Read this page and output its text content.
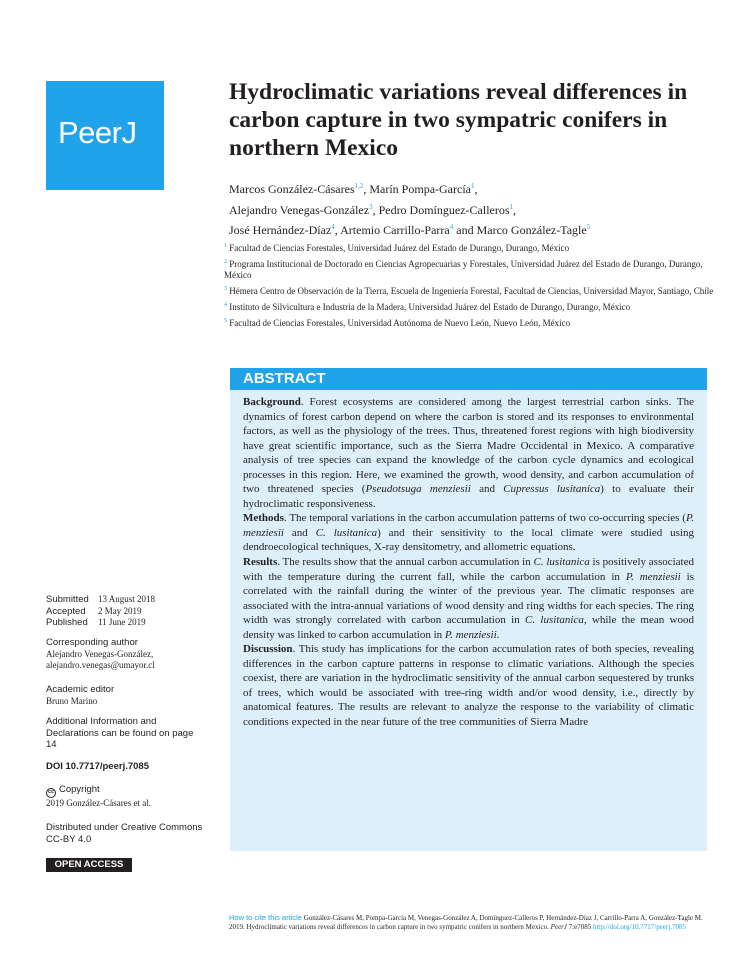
PeerJ
Hydroclimatic variations reveal differences in carbon capture in two sympatric conifers in northern Mexico
Marcos González-Cásares$^{1,2}$, Marín Pompa-García$^1$,
Alejandro Venegas-González$^3$, Pedro Domínguez-Calleros$^1$,
José Hernández-Díaz$^4$, Artemio Carrillo-Parra$^4$ and Marco González-Tagle$^5$
$^1$ Facultad de Ciencias Forestales, Universidad Juárez del Estado de Durango, Durango, México
$^2$ Programa Institucional de Doctorado en Ciencias Agropecuarias y Forestales, Universidad Juárez del Estado de Durango, Durango, México
$^3$ Hémera Centro de Observación de la Tierra, Escuela de Ingeniería Forestal, Facultad de Ciencias, Universidad Mayor, Santiago, Chile
$^4$ Instituto de Silvicultura e Industria de la Madera, Universidad Juárez del Estado de Durango, Durango, México
$^5$ Facultad de Ciencias Forestales, Universidad Autónoma de Nuevo León, Nuevo León, México
ABSTRACT

Background. Forest ecosystems are considered among the largest terrestrial carbon sinks. The dynamics of forest carbon depend on where the carbon is stored and its responses to environmental factors, as well as the physiology of the trees. Thus, threatened forest regions with high biodiversity have great scientific importance, such as the Sierra Madre Occidental in Mexico. A comparative analysis of tree species can expand the knowledge of the carbon cycle dynamics and ecological processes in this region. Here, we examined the growth, wood density, and carbon accumulation of two threatened species (Pseudotsuga menziesii and Cupressus lusitanica) to evaluate their hydroclimatic responsiveness.

Methods. The temporal variations in the carbon accumulation patterns of two co-occurring species (P. menziesii and C. lusitanica) and their sensitivity to the local climate were studied using dendroecological techniques, X-ray densitometry, and allometric equations.

Results. The results show that the annual carbon accumulation in C. lusitanica is positively associated with the temperature during the current fall, while the carbon accumulation in P. menziesii is correlated with the rainfall during the winter of the previous year. The climatic responses are associated with the intra-annual variations of wood density and ring widths for each species. The ring width was strongly correlated with carbon accumulation in C. lusitanica, while the mean wood density was linked to carbon accumulation in P. menziesii.

Discussion. This study has implications for the carbon accumulation rates of both species, revealing differences in the carbon capture patterns in response to climatic variations. Although the species coexist, there are variation in the hydroclimatic sensitivity of the annual carbon sequestered by trunks of trees, which would be associated with tree-ring width and/or wood density, i.e., directly by anatomical features. The results are relevant to analyze the response to the variability of climatic conditions expected in the near future of the tree communities of Sierra Madre

Submitted	13 August 2018
Accepted	2 May 2019
Published	11 June 2019
Corresponding author
Alejandro Venegas-González,
alejandro.venegas@umayor.cl
Academic editor
Bruno Marino
Additional Information and Declarations can be found on page 14
DOI 10.7717/peerj.7085
cc Copyright
2019 González-Cásares et al.
Distributed under Creative Commons CC-BY 4.0
OPEN ACCESS
How to cite this article González-Cásares M, Pompa-García M, Venegas-González A, Domínguez-Calleros P, Hernández-Díaz J, Carrillo-Parra A, González-Tagle M. 2019. Hydroclimatic variations reveal differences in carbon capture in two sympatric conifers in northern Mexico. PeerJ 7:e7085 http://doi.org/10.7717/peerj.7085
